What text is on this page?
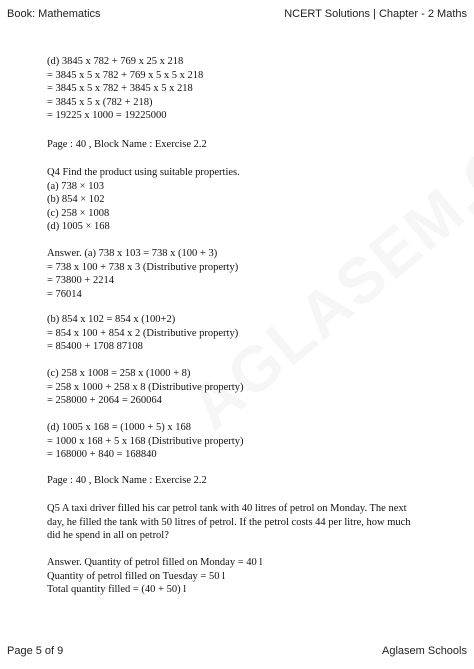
Book: Mathematics	NCERT Solutions | Chapter - 2 Maths
(d) 3845 x 782 + 769 x 25 x 218
= 3845 x 5 x 782 + 769 x 5 x 5 x 218
= 3845 x 5 x 782 + 3845 x 5 x 218
= 3845 x 5 x (782 + 218)
= 19225 x 1000 = 19225000
Page : 40 , Block Name : Exercise 2.2
Q4 Find the product using suitable properties.
(a) 738 × 103
(b) 854 × 102
(c) 258 × 1008
(d) 1005 × 168
Answer. (a) 738 x 103 = 738 x (100 + 3)
= 738 x 100 + 738 x 3 (Distributive property)
= 73800 + 2214
= 76014
(b) 854 x 102 = 854 x (100+2)
= 854 x 100 + 854 x 2 (Distributive property)
= 85400 + 1708 87108
(c) 258 x 1008 = 258 x (1000 + 8)
= 258 x 1000 + 258 x 8 (Distributive property)
= 258000 + 2064 = 260064
(d) 1005 x 168 = (1000 + 5) x 168
= 1000 x 168 + 5 x 168 (Distributive property)
= 168000 + 840 = 168840
Page : 40 , Block Name : Exercise 2.2
Q5 A taxi driver filled his car petrol tank with 40 litres of petrol on Monday. The next
day, he filled the tank with 50 litres of petrol. If the petrol costs 44 per litre, how much
did he spend in all on petrol?
Answer. Quantity of petrol filled on Monday = 40 l
Quantity of petrol filled on Tuesday = 50 l
Total quantity filled = (40 + 50) l
Page 5 of 9	Aglasem Schools
